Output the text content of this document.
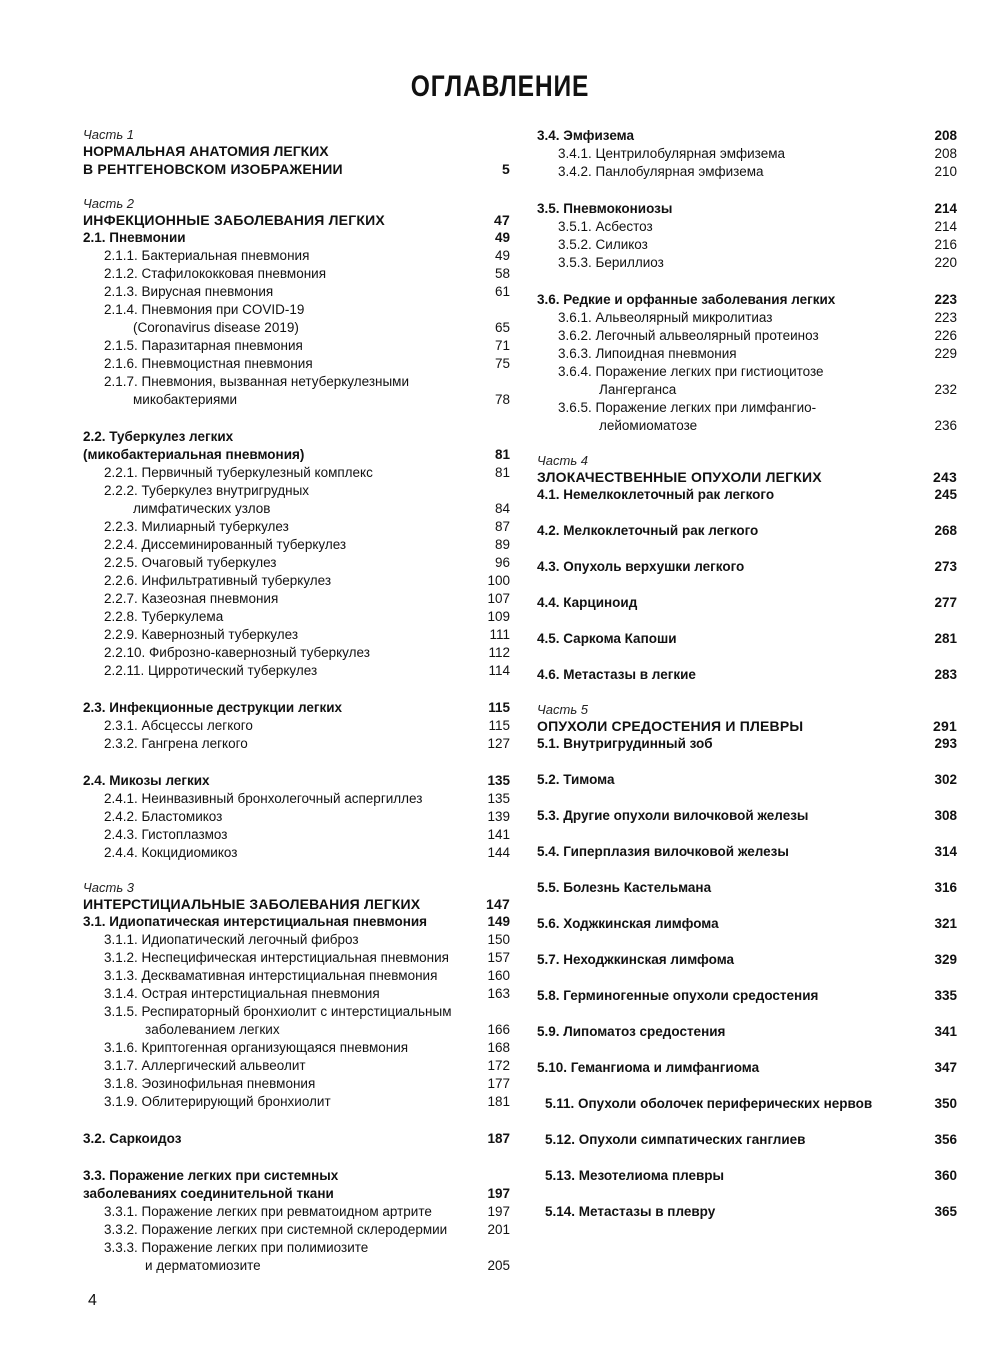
ОГЛАВЛЕНИЕ
Часть 1
НОРМАЛЬНАЯ АНАТОМИЯ ЛЕГКИХ
В РЕНТГЕНОВСКОМ ИЗОБРАЖЕНИИ .....	5
Часть 2
ИНФЕКЦИОННЫЕ ЗАБОЛЕВАНИЯ ЛЕГКИХ .....	47
2.1. Пневмонии .....	49
2.1.1. Бактериальная пневмония .....	49
2.1.2. Стафилококковая пневмония .....	58
2.1.3. Вирусная пневмония .....	61
2.1.4. Пневмония при COVID-19
(Coronavirus disease 2019) .....	65
2.1.5. Паразитарная пневмония .....	71
2.1.6. Пневмоцистная пневмония .....	75
2.1.7. Пневмония, вызванная нетуберкулезными
микобактериями .....	78
2.2. Туберкулез легких
(микобактериальная пневмония) .....	81
2.2.1. Первичный туберкулезный комплекс .....	81
2.2.2. Туберкулез внутригрудных
лимфатических узлов .....	84
2.2.3. Милиарный туберкулез .....	87
2.2.4. Диссеминированный туберкулез .....	89
2.2.5. Очаговый туберкулез .....	96
2.2.6. Инфильтративный туберкулез .....	100
2.2.7. Казеозная пневмония .....	107
2.2.8. Туберкулема .....	109
2.2.9. Кавернозный туберкулез .....	111
2.2.10. Фиброзно-кавернозный туберкулез .....	112
2.2.11. Цирротический туберкулез .....	114
2.3. Инфекционные деструкции легких .....	115
2.3.1. Абсцессы легкого .....	115
2.3.2. Гангрена легкого .....	127
2.4. Микозы легких .....	135
2.4.1. Неинвазивный бронхолегочный аспергиллез .....	135
2.4.2. Бластомикоз .....	139
2.4.3. Гистоплазмоз .....	141
2.4.4. Кокцидиомикоз .....	144
Часть 3
ИНТЕРСТИЦИАЛЬНЫЕ ЗАБОЛЕВАНИЯ ЛЕГКИХ .....	147
3.1. Идиопатическая интерстициальная пневмония .....	149
3.1.1. Идиопатический легочный фиброз .....	150
3.1.2. Неспецифическая интерстициальная пневмония .....	157
3.1.3. Десквамативная интерстициальная пневмония .....	160
3.1.4. Острая интерстициальная пневмония .....	163
3.1.5. Респираторный бронхиолит с интерстициальным
заболеванием легких .....	166
3.1.6. Криптогенная организующаяся пневмония .....	168
3.1.7. Аллергический альвеолит .....	172
3.1.8. Эозинофильная пневмония .....	177
3.1.9. Облитерирующий бронхиолит .....	181
3.2. Саркоидоз .....	187
3.3. Поражение легких при системных
заболеваниях соединительной ткани .....	197
3.3.1. Поражение легких при ревматоидном артрите .....	197
3.3.2. Поражение легких при системной склеродермии .....	201
3.3.3. Поражение легких при полимиозите
и дерматомиозите .....	205
3.4. Эмфизема .....	208
3.4.1. Центрилобулярная эмфизема .....	208
3.4.2. Панлобулярная эмфизема .....	210
3.5. Пневмокониозы .....	214
3.5.1. Асбестоз .....	214
3.5.2. Силикоз .....	216
3.5.3. Бериллиоз .....	220
3.6. Редкие и орфанные заболевания легких .....	223
3.6.1. Альвеолярный микролитиаз .....	223
3.6.2. Легочный альвеолярный протеиноз .....	226
3.6.3. Липоидная пневмония .....	229
3.6.4. Поражение легких при гистиоцитозе
Лангерганса .....	232
3.6.5. Поражение легких при лимфангио-
лейомиоматозе .....	236
Часть 4
ЗЛОКАЧЕСТВЕННЫЕ ОПУХОЛИ ЛЕГКИХ .....	243
4.1. Немелкоклеточный рак легкого .....	245
4.2. Мелкоклеточный рак легкого .....	268
4.3. Опухоль верхушки легкого .....	273
4.4. Карциноид .....	277
4.5. Саркома Капоши .....	281
4.6. Метастазы в легкие .....	283
Часть 5
ОПУХОЛИ СРЕДОСТЕНИЯ И ПЛЕВРЫ .....	291
5.1. Внутригрудинный зоб .....	293
5.2. Тимома .....	302
5.3. Другие опухоли вилочковой железы .....	308
5.4. Гиперплазия вилочковой железы .....	314
5.5. Болезнь Кастельмана .....	316
5.6. Ходжкинская лимфома .....	321
5.7. Неходжкинская лимфома .....	329
5.8. Герминогенные опухоли средостения .....	335
5.9. Липоматоз средостения .....	341
5.10. Гемангиома и лимфангиома .....	347
5.11. Опухоли оболочек периферических нервов .....	350
5.12. Опухоли симпатических ганглиев .....	356
5.13. Мезотелиома плевры .....	360
5.14. Метастазы в плевру .....	365
4
